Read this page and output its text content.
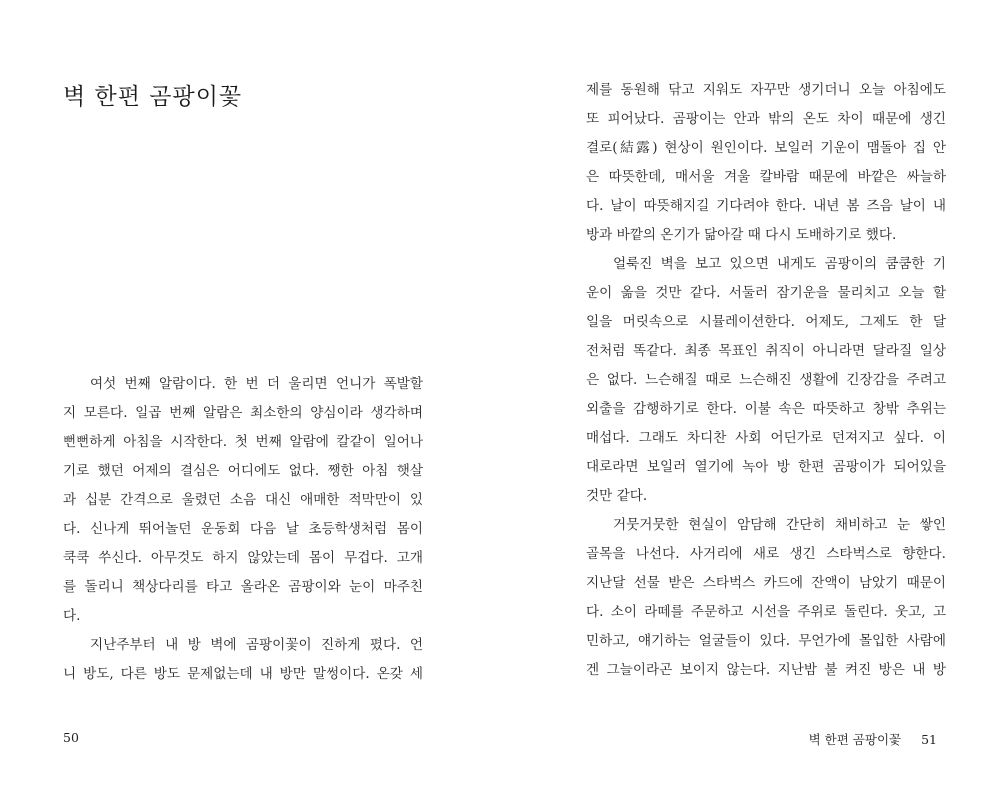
벽 한편 곰팡이꽃

여섯 번째 알람이다. 한 번 더 울리면 언니가 폭발할
지 모른다. 일곱 번째 알람은 최소한의 양심이라 생각하며
뻔뻔하게 아침을 시작한다. 첫 번째 알람에 칼같이 일어나
기로 했던 어제의 결심은 어디에도 없다. 쨍한 아침 햇살
과 십분 간격으로 울렸던 소음 대신 애매한 적막만이 있
다. 신나게 뛰어놀던 운동회 다음 날 초등학생처럼 몸이
쿡쿡 쑤신다. 아무것도 하지 않았는데 몸이 무겁다. 고개
를 돌리니 책상다리를 타고 올라온 곰팡이와 눈이 마주친
다.

지난주부터 내 방 벽에 곰팡이꽃이 진하게 폈다. 언
니 방도, 다른 방도 문제없는데 내 방만 말썽이다. 온갖 세

50

제를 동원해 닦고 지워도 자꾸만 생기더니 오늘 아침에도
또 피어났다. 곰팡이는 안과 밖의 온도 차이 때문에 생긴
결로(結露) 현상이 원인이다. 보일러 기운이 맴돌아 집 안
은 따뜻한데, 매서울 겨울 칼바람 때문에 바깥은 싸늘하
다. 날이 따뜻해지길 기다려야 한다. 내년 봄 즈음 날이 내
방과 바깥의 온기가 닮아갈 때 다시 도배하기로 했다.

얼룩진 벽을 보고 있으면 내게도 곰팡이의 쿰쿰한 기
운이 옮을 것만 같다. 서둘러 잠기운을 물리치고 오늘 할
일을 머릿속으로 시뮬레이션한다. 어제도, 그제도 한 달
전처럼 똑같다. 최종 목표인 취직이 아니라면 달라질 일상
은 없다. 느슨해질 때로 느슨해진 생활에 긴장감을 주려고
외출을 감행하기로 한다. 이불 속은 따뜻하고 창밖 추위는
매섭다. 그래도 차디찬 사회 어딘가로 던져지고 싶다. 이
대로라면 보일러 열기에 녹아 방 한편 곰팡이가 되어있을
것만 같다.

거뭇거뭇한 현실이 암담해 간단히 채비하고 눈 쌓인
골목을 나선다. 사거리에 새로 생긴 스타벅스로 향한다.
지난달 선물 받은 스타벅스 카드에 잔액이 남았기 때문이
다. 소이 라떼를 주문하고 시선을 주위로 돌린다. 웃고, 고
민하고, 얘기하는 얼굴들이 있다. 무언가에 몰입한 사람에
겐 그늘이라곤 보이지 않는다. 지난밤 불 켜진 방은 내 방

벽 한편 곰팡이꽃 51
